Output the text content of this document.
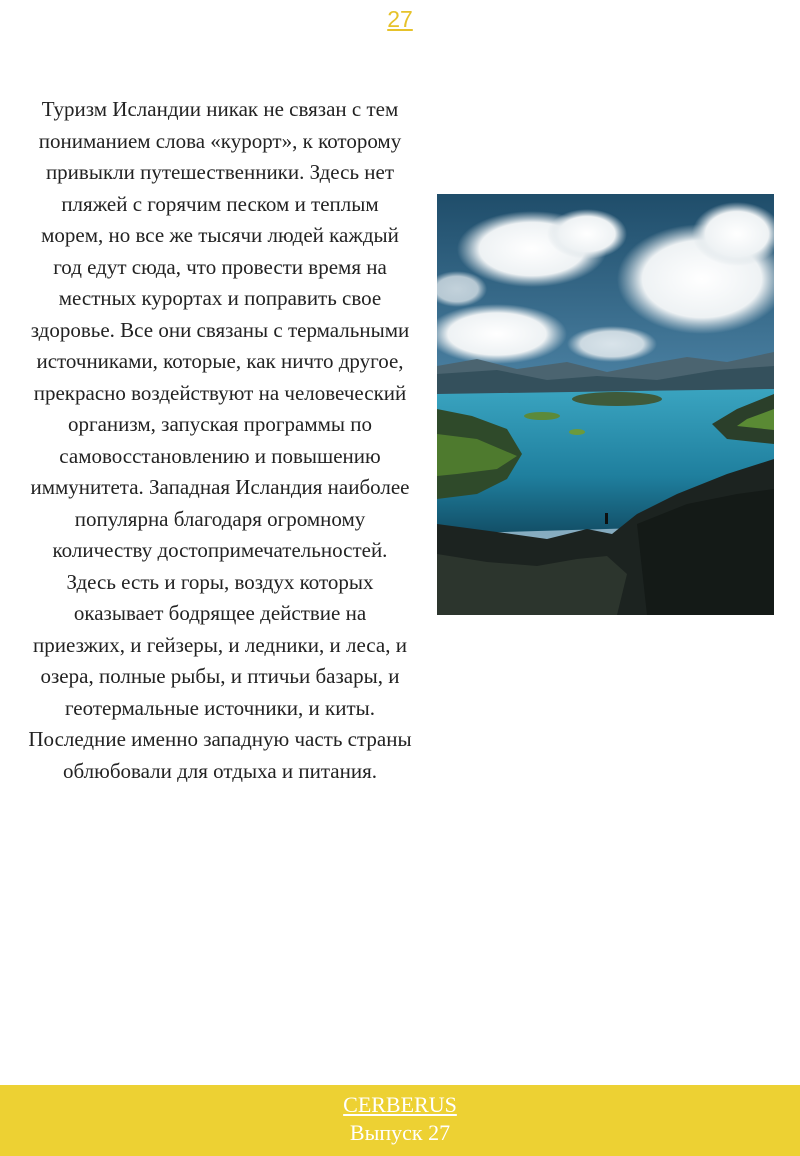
27

Туризм Исландии никак не связан с тем пониманием слова «курорт», к которому привыкли путешественники. Здесь нет пляжей с горячим песком и теплым морем, но все же тысячи людей каждый год едут сюда, что провести время на местных курортах и поправить свое здоровье. Все они связаны с термальными источниками, которые, как ничто другое, прекрасно воздействуют на человеческий организм, запуская программы по самовосстановлению и повышению иммунитета. Западная Исландия наиболее популярна благодаря огромному количеству достопримечательностей. Здесь есть и горы, воздух которых оказывает бодрящее действие на приезжих, и гейзеры, и ледники, и леса, и озера, полные рыбы, и птичьи базары, и геотермальные источники, и киты. Последние именно западную часть страны облюбовали для отдыха и питания.

CERBERUS
Выпуск 27
